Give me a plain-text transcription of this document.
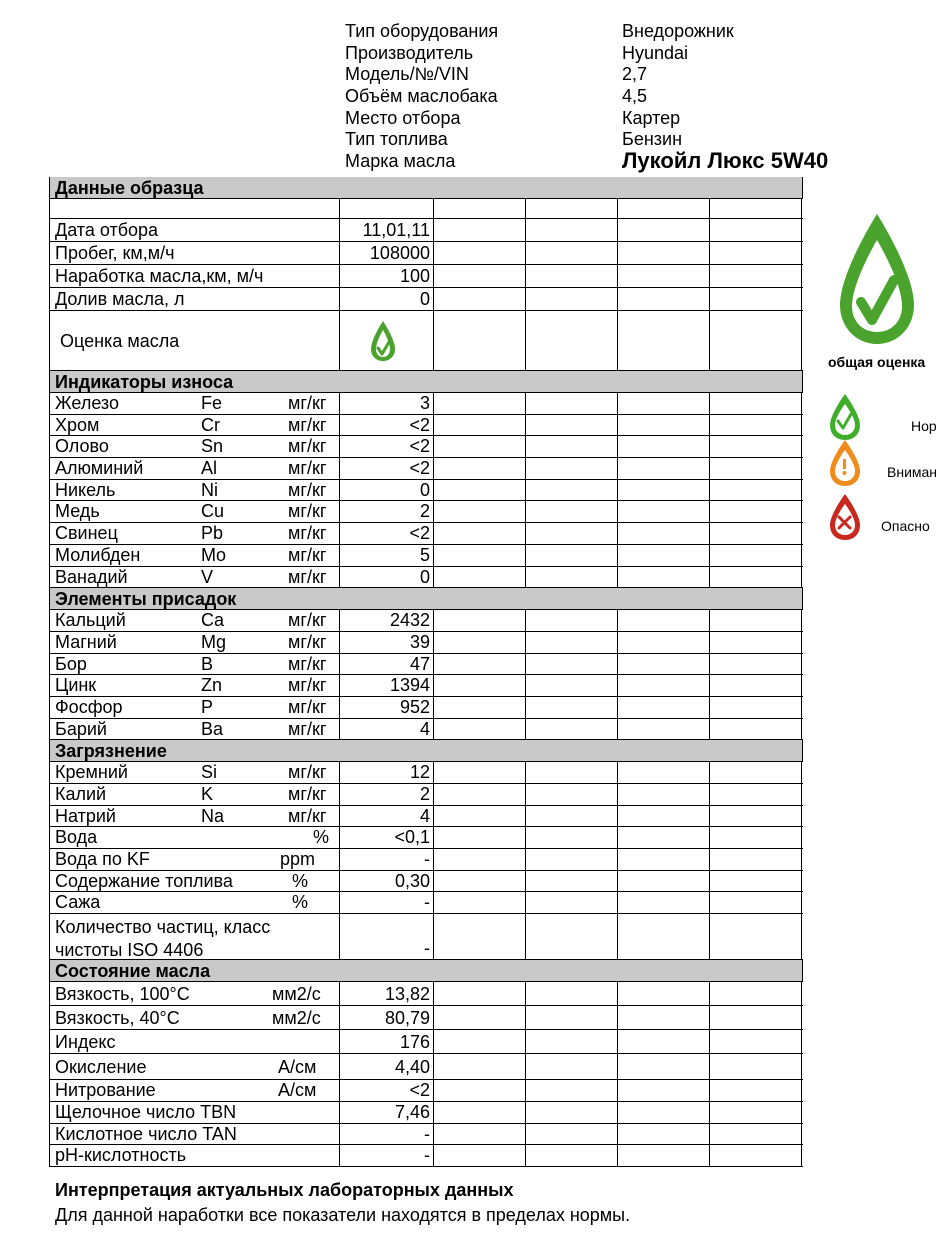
Тип оборудования	Внедорожник
Производитель	Hyundai
Модель/№/VIN	2,7
Объём маслобака	4,5
Место отбора	Картер
Тип топлива	Бензин
Марка масла	Лукойл Люкс 5W40
Данные образца
Дата отбора	11,01,11
Пробег, км,м/ч	108000
Наработка масла,км, м/ч	100
Долив масла, л	0
Оценка масла
Индикаторы износа
Железо	Fe	мг/кг	3
Хром	Cr	мг/кг	<2
Олово	Sn	мг/кг	<2
Алюминий	Al	мг/кг	<2
Никель	Ni	мг/кг	0
Медь	Cu	мг/кг	2
Свинец	Pb	мг/кг	<2
Молибден	Mo	мг/кг	5
Ванадий	V	мг/кг	0
Элементы присадок
Кальций	Ca	мг/кг	2432
Магний	Mg	мг/кг	39
Бор	B	мг/кг	47
Цинк	Zn	мг/кг	1394
Фосфор	P	мг/кг	952
Барий	Ba	мг/кг	4
Загрязнение
Кремний	Si	мг/кг	12
Калий	K	мг/кг	2
Натрий	Na	мг/кг	4
Вода	%	<0,1
Вода по KF	ppm	-
Содержание топлива	%	0,30
Сажа	%	-
Количество частиц, класс чистоты ISO 4406	-
Состояние масла
Вязкость, 100°С	мм2/с	13,82
Вязкость, 40°С	мм2/с	80,79
Индекс	176
Окисление	А/см	4,40
Нитрование	А/см	<2
Щелочное число TBN	7,46
Кислотное число TAN	-
pH-кислотность	-
общая оценка
Нор
Вниман
Опасно
Интерпретация актуальных лабораторных данных
Для данной наработки все показатели находятся в пределах нормы.
